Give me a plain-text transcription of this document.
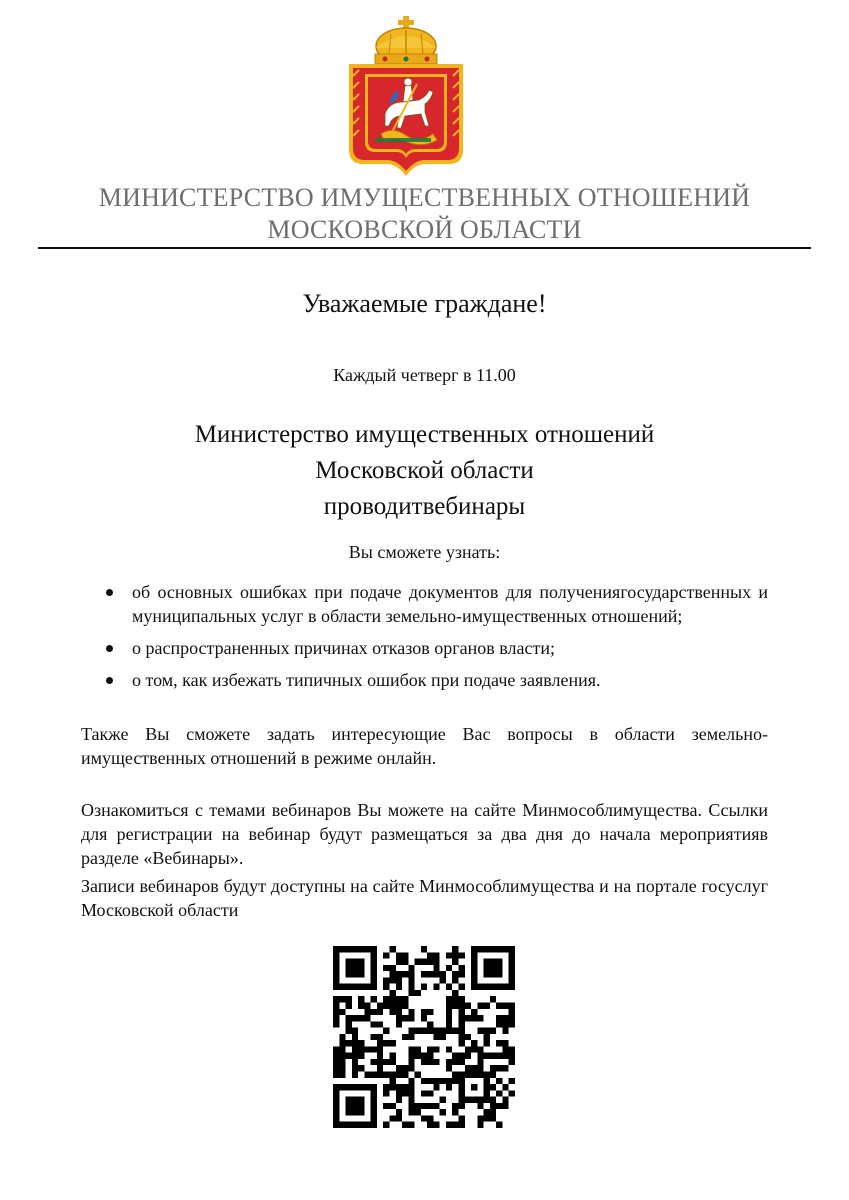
МИНИСТЕРСТВО ИМУЩЕСТВЕННЫХ ОТНОШЕНИЙ
МОСКОВСКОЙ ОБЛАСТИ
Уважаемые граждане!
Каждый четверг в 11.00
Министерство имущественных отношений
Московской области
проводитвебинары
Вы сможете узнать:
об основных ошибках при подаче документов для получениягосударственных и муниципальных услуг в области земельно-имущественных отношений;
о распространенных причинах отказов органов власти;
о том, как избежать типичных ошибок при подаче заявления.
Также Вы сможете задать интересующие Вас вопросы в области земельно-имущественных отношений в режиме онлайн.
Ознакомиться с темами вебинаров Вы можете на сайте Минмособлимущества. Ссылки для регистрации на вебинар будут размещаться за два дня до начала мероприятияв разделе «Вебинары».
Записи вебинаров будут доступны на сайте Минмособлимущества и на портале госуслуг Московской области
